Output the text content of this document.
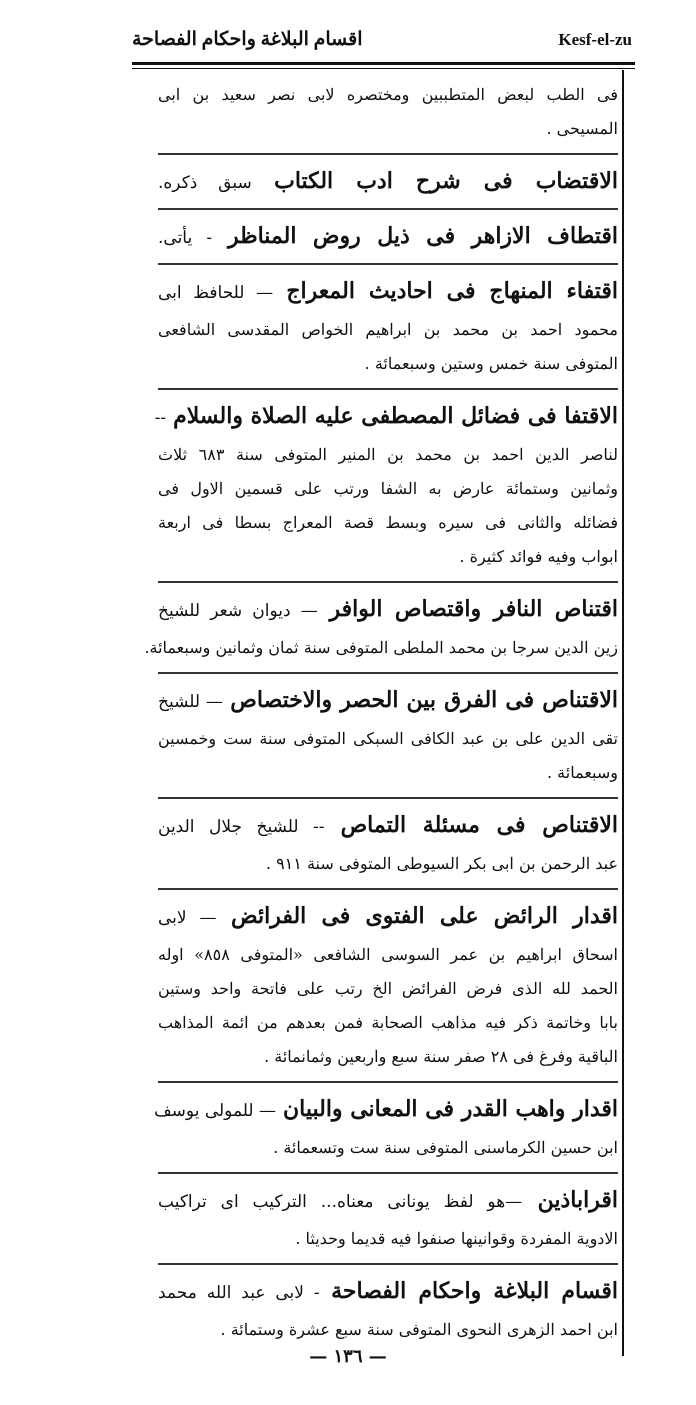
اقسام البلاغة واحكام الفصاحة	Kesf-el-zu
فى الطب لبعض المتطببين ومختصره لابى نصر سعيد بن ابى
المسيحى .
الاقتضاب فى شرح ادب الكتاب سبق ذكره.
اقتطاف الازاهر فى ذيل روض المناظر - يأتى.
اقتفاء المنهاج فى احاديث المعراج — للحافظ ابى
محمود احمد بن محمد بن ابراهيم الخواص المقدسى الشافعى
المتوفى سنة خمس وستين وسبعمائة .
الاقتفا فى فضائل المصطفى عليه الصلاة والسلام --
لناصر الدين احمد بن محمد بن المنير المتوفى سنة ٦٨٣ ثلاث
وثمانين وستمائة عارض به الشفا ورتب على قسمين الاول فى
فضائله والثانى فى سيره وبسط قصة المعراج بسطا فى اربعة
ابواب وفيه فوائد كثيرة .
اقتناص النافر واقتصاص الوافر — ديوان شعر للشيخ
زين الدين سرجا بن محمد الملطى المتوفى سنة ثمان وثمانين وسبعمائة.
الاقتناص فى الفرق بين الحصر والاختصاص — للشيخ
تقى الدين على بن عبد الكافى السبكى المتوفى سنة ست وخمسين
وسبعمائة .
الاقتناص فى مسئلة التماص -- للشيخ جلال الدين
عبد الرحمن بن ابى بكر السيوطى المتوفى سنة ٩١١ .
اقدار الرائض على الفتوى فى الفرائض — لابى
اسحاق ابراهيم بن عمر السوسى الشافعى «المتوفى ٨٥٨» اوله
الحمد لله الذى فرض الفرائض الخ رتب على فاتحة واحد وستين
بابا وخاتمة ذكر فيه مذاهب الصحابة فمن بعدهم من ائمة المذاهب
الباقية وفرغ فى ٢٨ صفر سنة سبع واربعين وثمانمائة .
اقدار واهب القدر فى المعانى والبيان — للمولى يوسف
ابن حسين الكرماسنى المتوفى سنة ست وتسعمائة .
اقراباذين —هو لفظ يونانى معناه... التركيب اى تراكيب
الادوية المفردة وقوانينها صنفوا فيه قديما وحديثا .
اقسام البلاغة واحكام الفصاحة - لابى عبد الله محمد
ابن احمد الزهرى النحوى المتوفى سنة سبع عشرة وستمائة .
— ١٣٦ —
